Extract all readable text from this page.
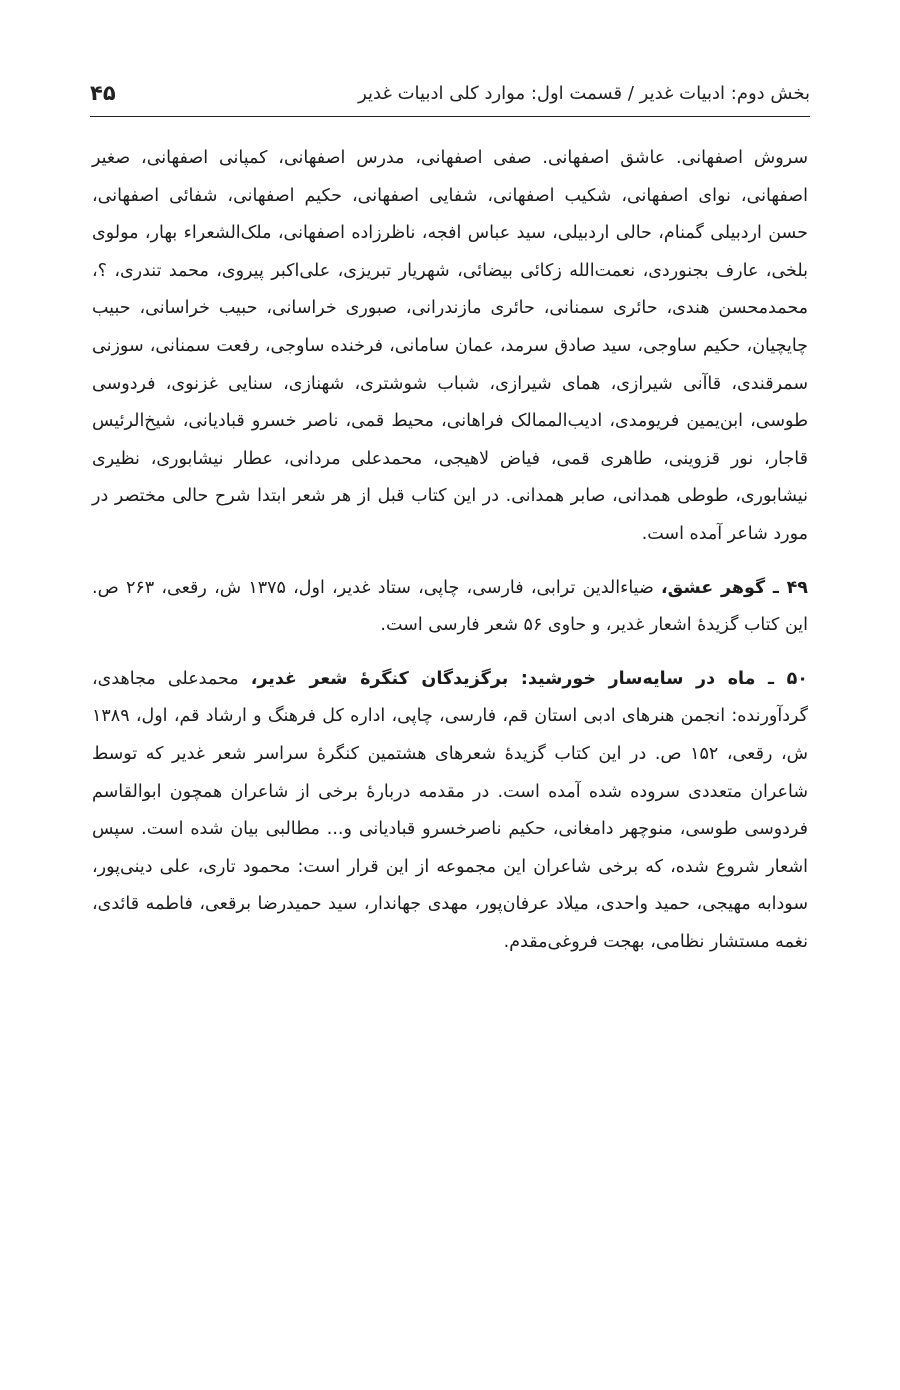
بخش دوم: ادبیات غدیر / قسمت اول: موارد کلی ادبیات غدیر
۴۵

سروش اصفهانی. عاشق اصفهانی. صفی اصفهانی، مدرس اصفهانی، کمپانی اصفهانی، صغیر اصفهانی، نوای اصفهانی، شکیب اصفهانی، شفایی اصفهانی، حکیم اصفهانی، شفائی اصفهانی، حسن اردبیلی گمنام، حالی اردبیلی، سید عباس افجه، ناظرزاده اصفهانی، ملک‌الشعراء بهار، مولوی بلخی، عارف بجنوردی، نعمت‌الله زکائی بیضائی، شهریار تبریزی، علی‌اکبر پیروی، محمد تندری، ؟، محمدمحسن هندی، حائری سمنانی، حائری مازندرانی، صبوری خراسانی، حبیب خراسانی، حبیب چایچیان، حکیم ساوجی، سید صادق سرمد، عمان سامانی، فرخنده ساوجی، رفعت سمنانی، سوزنی سمرقندی، قاآنی شیرازی، همای شیرازی، شباب شوشتری، شهنازی، سنایی غزنوی، فردوسی طوسی، ابن‌یمین فریومدی، ادیب‌الممالک فراهانی، محیط قمی، ناصر خسرو قبادیانی، شیخ‌الرئیس قاجار، نور قزوینی، طاهری قمی، فیاض لاهیجی، محمدعلی مردانی، عطار نیشابوری، نظیری نیشابوری، طوطی همدانی، صابر همدانی. در این کتاب قبل از هر شعر ابتدا شرح حالی مختصر در مورد شاعر آمده است.

۴۹ ـ گوهر عشق، ضیاءالدین ترابی، فارسی، چاپی، ستاد غدیر، اول، ۱۳۷۵ ش، رقعی، ۲۶۳ ص. این کتاب گزیدهٔ اشعار غدیر، و حاوی ۵۶ شعر فارسی است.

۵۰ ـ ماه در سایه‌سار خورشید: برگزیدگان کنگرهٔ شعر غدیر، محمدعلی مجاهدی، گردآورنده: انجمن هنرهای ادبی استان قم، فارسی، چاپی، اداره کل فرهنگ و ارشاد قم، اول، ۱۳۸۹ ش، رقعی، ۱۵۲ ص. در این کتاب گزیدهٔ شعرهای هشتمین کنگرهٔ سراسر شعر غدیر که توسط شاعران متعددی سروده شده آمده است. در مقدمه دربارهٔ برخی از شاعران همچون ابوالقاسم فردوسی طوسی، منوچهر دامغانی، حکیم ناصرخسرو قبادیانی و... مطالبی بیان شده است. سپس اشعار شروع شده، که برخی شاعران این مجموعه از این قرار است: محمود تاری، علی دینی‌پور، سودابه مهیجی، حمید واحدی، میلاد عرفان‌پور، مهدی جهاندار، سید حمیدرضا برقعی، فاطمه قائدی، نغمه مستشار نظامی، بهجت فروغی‌مقدم.
